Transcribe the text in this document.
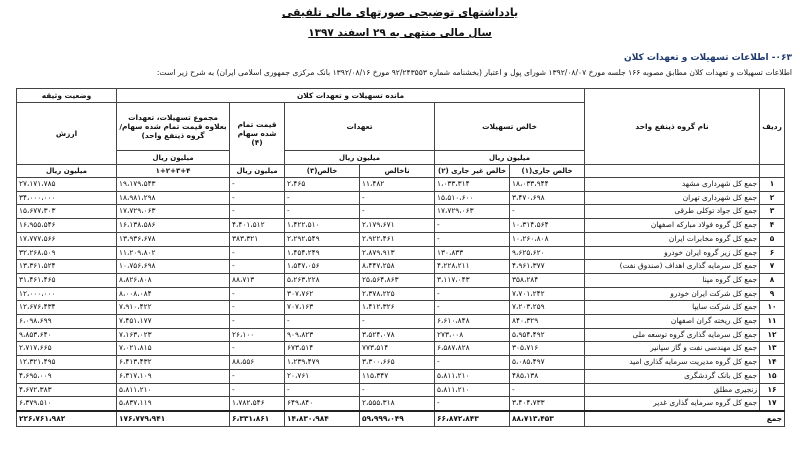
یادداشتهای توضیحی صورتهای مالی تلفیقی
سال مالی منتهی به ۲۹ اسفند ۱۳۹۷
۰۶۳- اطلاعات تسهیلات و تعهدات کلان
اطلاعات تسهیلات و تعهدات کلان مطابق مصوبه ۱۶۶ جلسه مورخ ۱۳۹۲/۰۸/۰۷ شورای پول و اعتبار (بخشنامه شماره ۹۲/۲۴۳۵۵۳ مورخ ۱۳۹۲/۰۸/۱۶ بانک مرکزی جمهوری اسلامی ایران) به شرح زیر است:
ردیف	نام گروه ذینفع واحد	مانده تسهیلات و تعهدات کلان						وضعیت وثیقه
		خالص تسهیلات		تعهدات		قیمت تمام شده سهام (۴)	مجموع تسهیلات، تعهدات بعلاوه قیمت تمام شده سهام/گروه ذینفع واحد)	ارزش
		میلیون ریال		میلیون ریال			میلیون ریال	
		خالص جاری(۱)	خالص غیر جاری (۲)	ناخالص	خالص(۳)	میلیون ریال	۱+۲+۳+۴	میلیون ریال
۱	جمع کل شهرداری مشهد	۱۸،۰۳۳،۹۴۴	۱،۰۳۳،۳۱۴	۱۱،۴۸۲	۲،۴۶۵	-	۱۹،۱۷۹،۵۴۳	۲۷،۱۷۱،۷۸۵
۲	جمع کل شهرداری تهران	۳،۴۷۰،۶۹۸	۱۵،۵۱۰،۶۰۰	-	-	-	۱۸،۹۸۱،۲۹۸	۳۴،۰۰۰،۰۰۰
۳	جمع کل جواد توکلی طرقی	-	۱۷،۷۲۹،۰۶۳	-	-	-	۱۷،۷۲۹،۰۶۳	۱۵،۶۷۷،۳۰۳
۴	جمع کل گروه فولاد مبارکه اصفهان	۱۰،۳۱۴،۵۶۴	-	۲،۱۷۹،۶۷۱	۱،۴۲۲،۵۱۰	۴،۴۰۱،۵۱۲	۱۶،۱۳۸،۵۸۶	۱۶،۹۵۵،۵۴۶
۵	جمع کل گروه مخابرات ایران	۱۰،۲۶۰،۸۰۸	-	۲،۹۲۲،۴۶۱	۲،۲۹۲،۵۴۹	۳۸۳،۳۲۱	۱۳،۹۳۶،۶۷۸	۱۷،۷۷۷،۵۶۶
۶	جمع کل زیر گروه ایران خودرو	۹،۶۲۵،۶۲۰	۱۳۰،۸۳۳	۲،۸۷۹،۹۱۳	۱،۴۵۴،۲۴۹	-	۱۱،۲۰۹،۸۰۲	۳۲،۲۶۸،۵۰۹
۷	جمع کل سرمایه گذاری اهداف (صندوق نفت)	۴،۹۶۱،۳۷۷	۴،۲۲۸،۲۱۱	۸،۴۴۷،۲۵۸	۱،۵۴۷،۰۵۶	-	۱۰،۷۵۶،۶۹۸	۱۳،۳۶۱،۵۲۴
۸	جمع کل گروه مپنا	۳۵۸،۲۸۴	۳،۱۱۷،۰۴۳	۲۵،۵۶۴،۸۶۳	۵،۲۶۳،۲۲۸	۸۸،۷۱۳	۸،۸۲۶،۸۰۸	۳۱،۴۶۱،۴۶۵
۹	جمع کل شرکت ایران خودرو	۷،۷۰۱،۲۴۲	-	۲،۳۷۸،۲۲۵	۳۰۷،۷۶۲	-	۸،۰۰۸،۰۸۴	۱۲،۰۰۰،۰۰۰
۱۰	جمع کل شرکت سایپا	۷،۲۰۳،۲۵۹	-	۱،۴۱۲،۳۲۶	۷۰۷،۱۶۳	-	۷،۹۱۰،۴۲۲	۱۲،۶۷۶،۴۳۴
۱۱	جمع کل ریخته گران اصفهان	۸۴۰،۳۲۹	۶،۶۱۰،۸۴۸	-	-	-	۷،۴۵۱،۱۷۷	۶،۰۹۸،۶۹۹
۱۲	جمع کل سرمایه گذاری گروه توسعه ملی	۵،۹۵۴،۴۹۲	۲۷۳،۰۰۸	۳،۵۲۴،۰۷۸	۹۰۹،۸۲۳	۲۶،۱۰۰	۷،۱۶۳،۰۲۳	۹،۸۵۳،۶۴۰
۱۳	جمع کل مهندسی نفت و گاز سپانیر	۳۰۵،۷۱۶	۶،۵۸۷،۸۲۸	۷۷۳،۵۱۴	۶۷۳،۵۱۴	-	۷،۰۲۱،۸۱۵	۲،۷۱۷،۶۶۵
۱۴	جمع کل گروه مدیریت سرمایه گذاری امید	۵،۰۸۵،۴۹۷	-	۳،۳۰۰،۶۶۵	۱،۲۳۹،۴۷۹	۸۸،۵۵۶	۶،۴۱۳،۴۳۲	۱۲،۳۲۱،۴۹۵
۱۵	جمع کل بانک گردشگری	۴۸۵،۱۳۸	۵،۸۱۱،۲۱۰	۱۱۵،۳۴۷	۲۰،۷۶۱	-	۶،۳۱۷،۱۰۹	۴،۶۹۵،۰۰۹
۱۶	زنجیری مطلق	-	۵،۸۱۱،۲۱۰	-	-	-	۵،۸۱۱،۲۱۰	۴،۶۷۲،۳۸۳
۱۷	جمع کل گروه سرمایه گذاری غدیر	۳،۴۰۴،۷۳۳	-	۲،۵۵۵،۳۱۸	۶۴۹،۸۴۰	۱،۷۸۲،۵۴۶	۵،۸۳۷،۱۱۹	۶،۳۷۹،۵۱۰
جمع		۸۸،۷۱۳،۴۵۳	۶۶،۸۷۲،۸۴۳	۵۹،۹۹۹،۰۴۹	۱۴،۸۳۰،۹۸۴	۶،۳۳۱،۸۶۱	۱۷۶،۷۷۹،۹۴۱	۲۲۶،۷۶۱،۹۸۲
